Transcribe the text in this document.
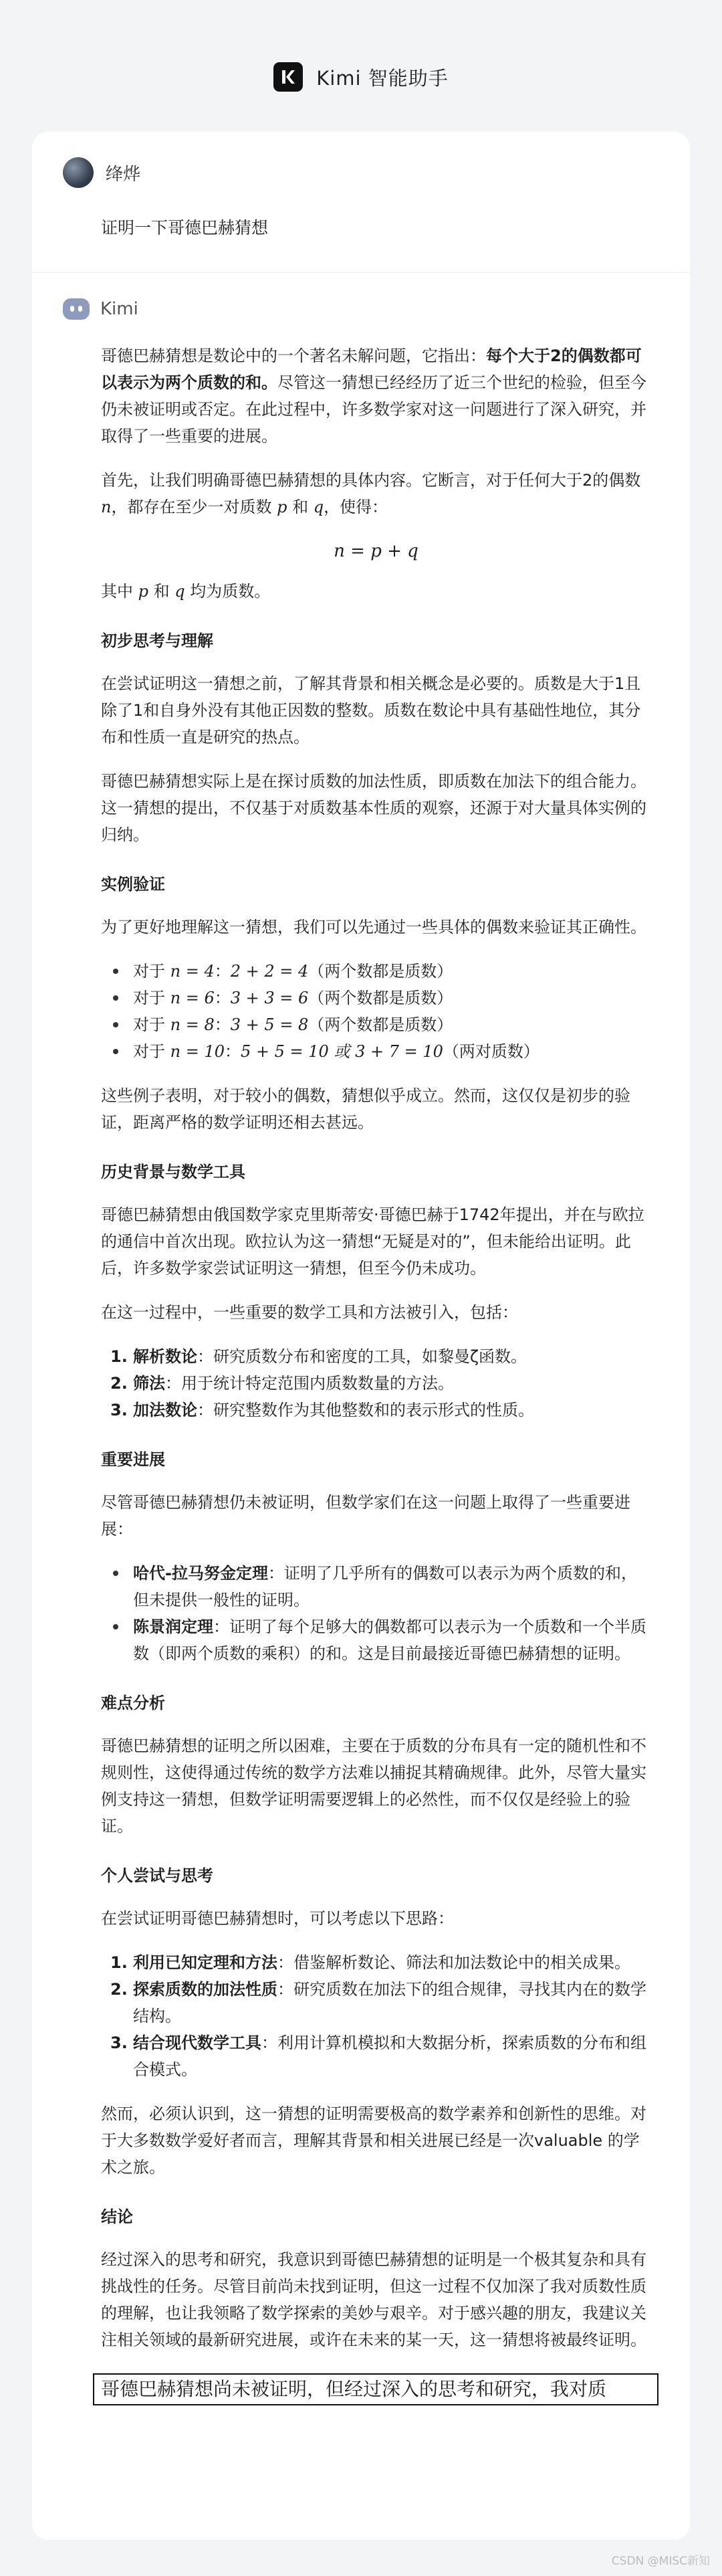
Kimi 智能助手
绛烨
证明一下哥德巴赫猜想
Kimi

哥德巴赫猜想是数论中的一个著名未解问题，它指出：每个大于2的偶数都可以表示为两个质数的和。尽管这一猜想已经经历了近三个世纪的检验，但至今仍未被证明或否定。在此过程中，许多数学家对这一问题进行了深入研究，并取得了一些重要的进展。

首先，让我们明确哥德巴赫猜想的具体内容。它断言，对于任何大于2的偶数 n，都存在至少一对质数 p 和 q，使得：

n = p + q

其中 p 和 q 均为质数。

初步思考与理解

在尝试证明这一猜想之前，了解其背景和相关概念是必要的。质数是大于1且除了1和自身外没有其他正因数的整数。质数在数论中具有基础性地位，其分布和性质一直是研究的热点。

哥德巴赫猜想实际上是在探讨质数的加法性质，即质数在加法下的组合能力。这一猜想的提出，不仅基于对质数基本性质的观察，还源于对大量具体实例的归纳。

实例验证

为了更好地理解这一猜想，我们可以先通过一些具体的偶数来验证其正确性。

对于 n = 4：2 + 2 = 4（两个数都是质数）
对于 n = 6：3 + 3 = 6（两个数都是质数）
对于 n = 8：3 + 5 = 8（两个数都是质数）
对于 n = 10：5 + 5 = 10 或 3 + 7 = 10（两对质数）

这些例子表明，对于较小的偶数，猜想似乎成立。然而，这仅仅是初步的验证，距离严格的数学证明还相去甚远。

历史背景与数学工具

哥德巴赫猜想由俄国数学家克里斯蒂安·哥德巴赫于1742年提出，并在与欧拉的通信中首次出现。欧拉认为这一猜想“无疑是对的”，但未能给出证明。此后，许多数学家尝试证明这一猜想，但至今仍未成功。

在这一过程中，一些重要的数学工具和方法被引入，包括：

1. 解析数论：研究质数分布和密度的工具，如黎曼ζ函数。
2. 筛法：用于统计特定范围内质数数量的方法。
3. 加法数论：研究整数作为其他整数和的表示形式的性质。
重要进展

尽管哥德巴赫猜想仍未被证明，但数学家们在这一问题上取得了一些重要进展：

哈代-拉马努金定理：证明了几乎所有的偶数可以表示为两个质数的和，但未提供一般性的证明。
陈景润定理：证明了每个足够大的偶数都可以表示为一个质数和一个半质数（即两个质数的乘积）的和。这是目前最接近哥德巴赫猜想的证明。
难点分析

哥德巴赫猜想的证明之所以困难，主要在于质数的分布具有一定的随机性和不规则性，这使得通过传统的数学方法难以捕捉其精确规律。此外，尽管大量实例支持这一猜想，但数学证明需要逻辑上的必然性，而不仅仅是经验上的验证。

个人尝试与思考

在尝试证明哥德巴赫猜想时，可以考虑以下思路：

1. 利用已知定理和方法：借鉴解析数论、筛法和加法数论中的相关成果。
2. 探索质数的加法性质：研究质数在加法下的组合规律，寻找其内在的数学结构。
3. 结合现代数学工具：利用计算机模拟和大数据分析，探索质数的分布和组合模式。

然而，必须认识到，这一猜想的证明需要极高的数学素养和创新性的思维。对于大多数数学爱好者而言，理解其背景和相关进展已经是一次valuable 的学术之旅。

结论

经过深入的思考和研究，我意识到哥德巴赫猜想的证明是一个极其复杂和具有挑战性的任务。尽管目前尚未找到证明，但这一过程不仅加深了我对质数性质的理解，也让我领略了数学探索的美妙与艰辛。对于感兴趣的朋友，我建议关注相关领域的最新研究进展，或许在未来的某一天，这一猜想将被最终证明。

哥德巴赫猜想尚未被证明，但经过深入的思考和研究，我对质
CSDN @MISC新知
